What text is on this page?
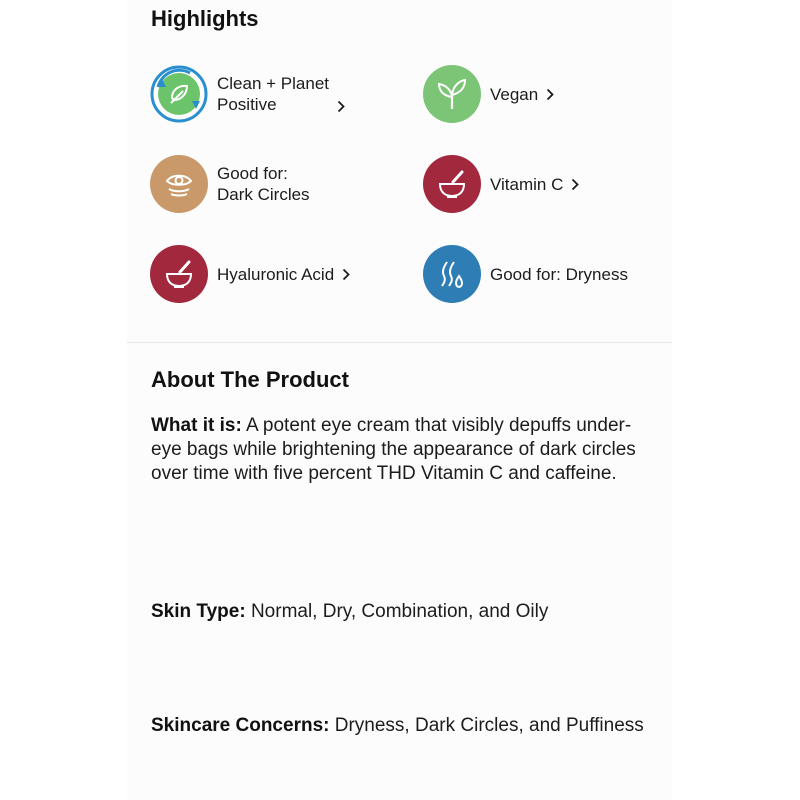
Highlights
Clean + Planet
Positive
Vegan
Good for:
Dark Circles
Vitamin C
Hyaluronic Acid	Good for: Dryness
About The Product

What it is: A potent eye cream that visibly depuffs under-eye bags while brightening the appearance of dark circles over time with five percent THD Vitamin C and caffeine.

Skin Type: Normal, Dry, Combination, and Oily

Skincare Concerns: Dryness, Dark Circles, and Puffiness
